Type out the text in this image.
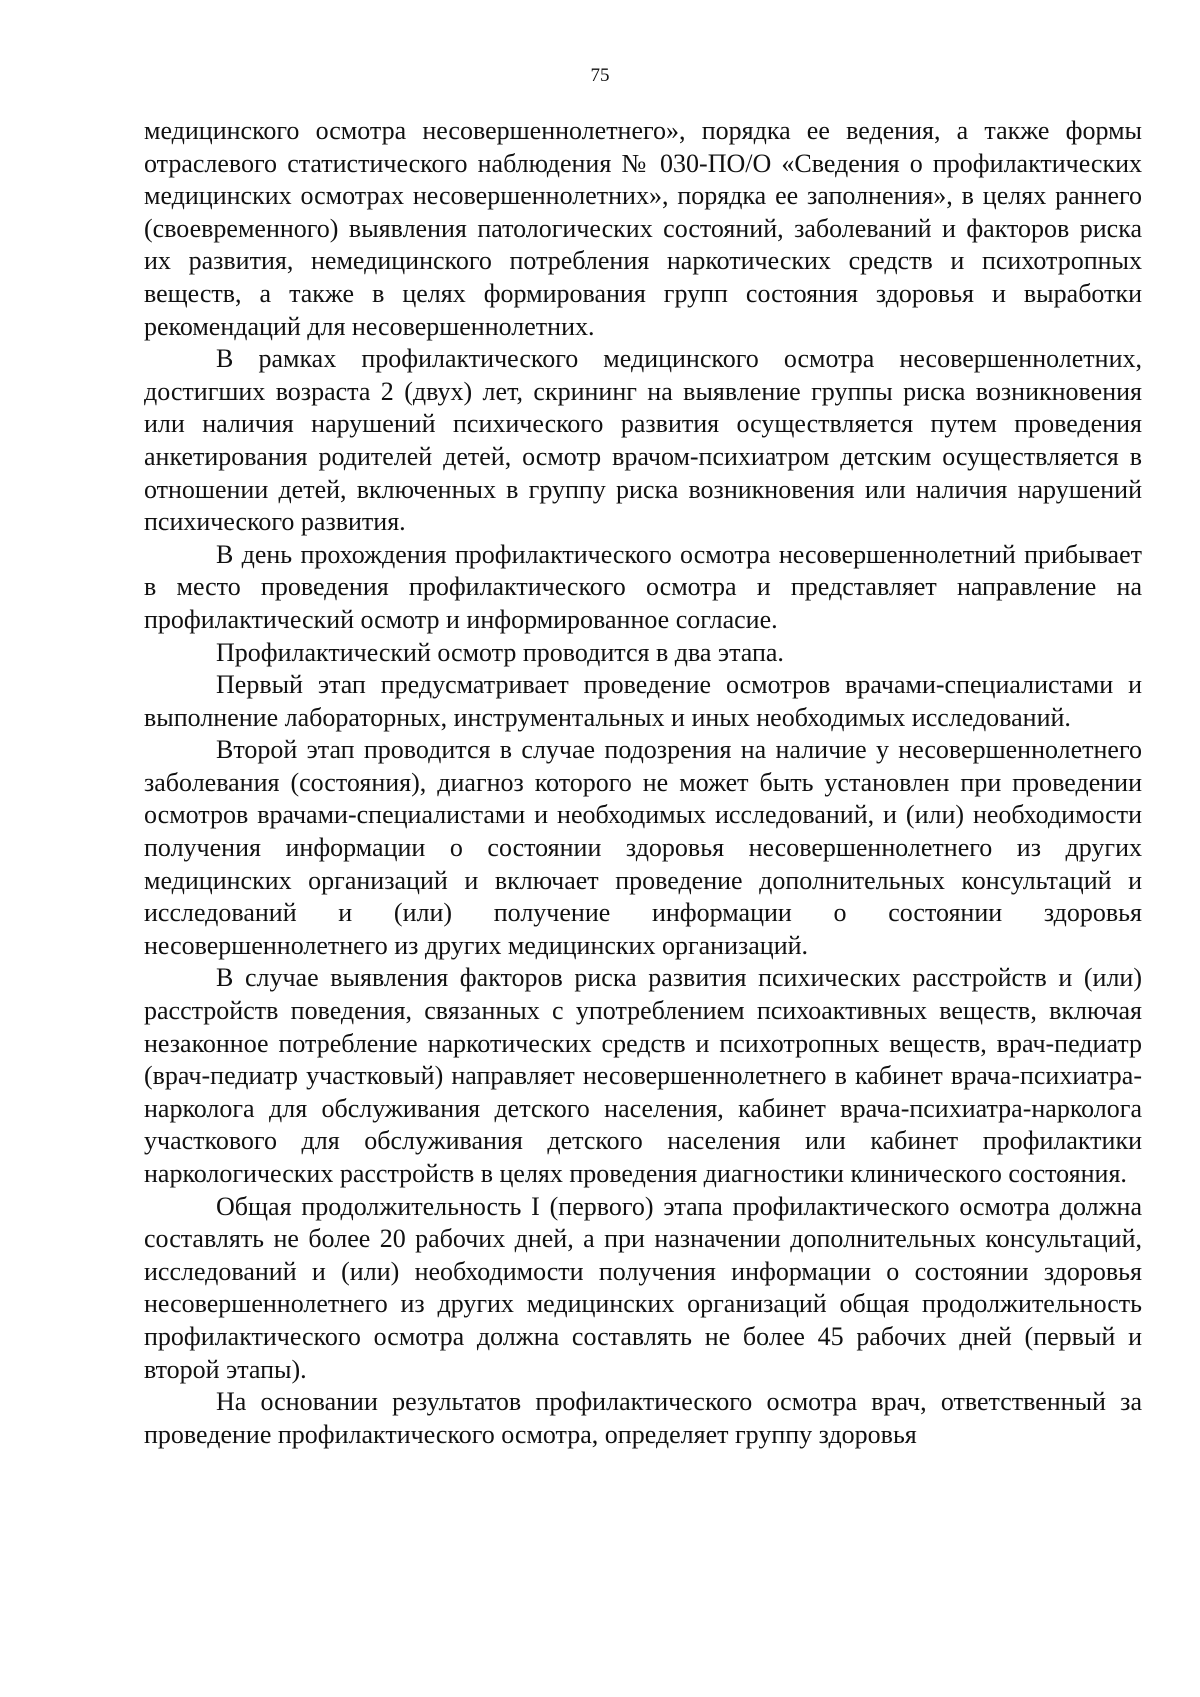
75

медицинского осмотра несовершеннолетнего», порядка ее ведения, а также формы отраслевого статистического наблюдения № 030-ПО/О «Сведения о профилактических медицинских осмотрах несовершеннолетних», порядка ее заполнения», в целях раннего (своевременного) выявления патологических состояний, заболеваний и факторов риска их развития, немедицинского потребления наркотических средств и психотропных веществ, а также в целях формирования групп состояния здоровья и выработки рекомендаций для несовершеннолетних.

В рамках профилактического медицинского осмотра несовершеннолетних, достигших возраста 2 (двух) лет, скрининг на выявление группы риска возникновения или наличия нарушений психического развития осуществляется путем проведения анкетирования родителей детей, осмотр врачом-психиатром детским осуществляется в отношении детей, включенных в группу риска возникновения или наличия нарушений психического развития.

В день прохождения профилактического осмотра несовершеннолетний прибывает в место проведения профилактического осмотра и представляет направление на профилактический осмотр и информированное согласие.

Профилактический осмотр проводится в два этапа.

Первый этап предусматривает проведение осмотров врачами-специалистами и выполнение лабораторных, инструментальных и иных необходимых исследований.

Второй этап проводится в случае подозрения на наличие у несовершеннолетнего заболевания (состояния), диагноз которого не может быть установлен при проведении осмотров врачами-специалистами и необходимых исследований, и (или) необходимости получения информации о состоянии здоровья несовершеннолетнего из других медицинских организаций и включает проведение дополнительных консультаций и исследований и (или) получение информации о состоянии здоровья несовершеннолетнего из других медицинских организаций.

В случае выявления факторов риска развития психических расстройств и (или) расстройств поведения, связанных с употреблением психоактивных веществ, включая незаконное потребление наркотических средств и психотропных веществ, врач-педиатр (врач-педиатр участковый) направляет несовершеннолетнего в кабинет врача-психиатра-нарколога для обслуживания детского населения, кабинет врача-психиатра-нарколога участкового для обслуживания детского населения или кабинет профилактики наркологических расстройств в целях проведения диагностики клинического состояния.

Общая продолжительность I (первого) этапа профилактического осмотра должна составлять не более 20 рабочих дней, а при назначении дополнительных консультаций, исследований и (или) необходимости получения информации о состоянии здоровья несовершеннолетнего из других медицинских организаций общая продолжительность профилактического осмотра должна составлять не более 45 рабочих дней (первый и второй этапы).

На основании результатов профилактического осмотра врач, ответственный за проведение профилактического осмотра, определяет группу здоровья
